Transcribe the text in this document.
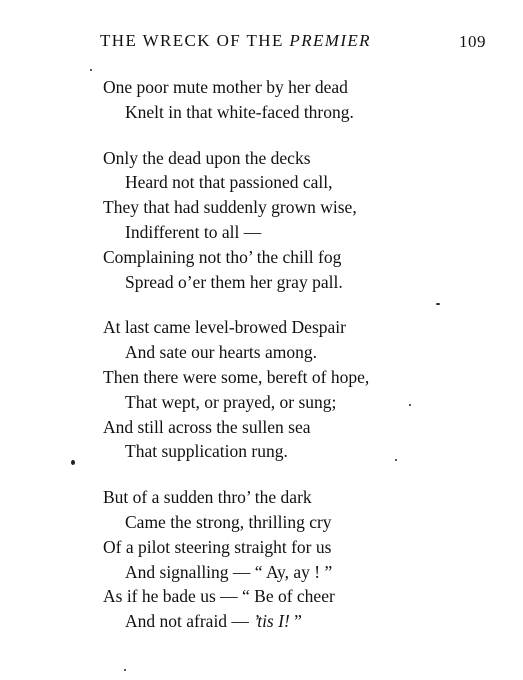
THE WRECK OF THE PREMIER	109
One poor mute mother by her dead
Knelt in that white-faced throng.
Only the dead upon the decks
Heard not that passioned call,
They that had suddenly grown wise,
Indifferent to all —
Complaining not tho’ the chill fog
Spread o’er them her gray pall.
At last came level-browed Despair
And sate our hearts among.
Then there were some, bereft of hope,
That wept, or prayed, or sung;
And still across the sullen sea
That supplication rung.
But of a sudden thro’ the dark
Came the strong, thrilling cry
Of a pilot steering straight for us
And signalling — “ Ay, ay ! ”
As if he bade us — “ Be of cheer
And not afraid — ’tis I! ”
